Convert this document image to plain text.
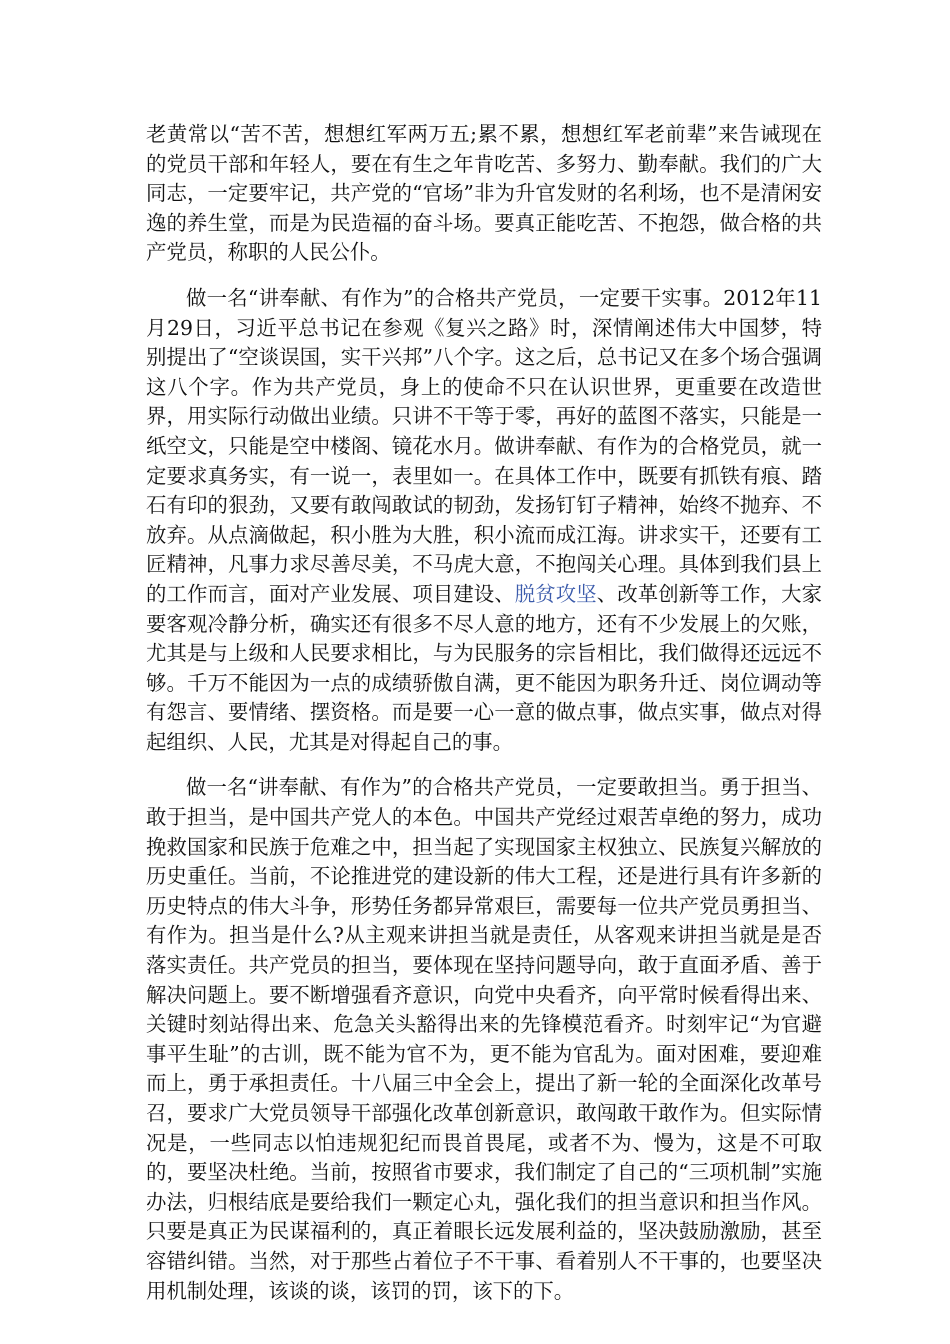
老黄常以“苦不苦，想想红军两万五;累不累，想想红军老前辈”来告诫现在的党员干部和年轻人，要在有生之年肯吃苦、多努力、勤奉献。我们的广大同志，一定要牢记，共产党的“官场”非为升官发财的名利场，也不是清闲安逸的养生堂，而是为民造福的奋斗场。要真正能吃苦、不抱怨，做合格的共产党员，称职的人民公仆。

做一名“讲奉献、有作为”的合格共产党员，一定要干实事。2012年11月29日，习近平总书记在参观《复兴之路》时，深情阐述伟大中国梦，特别提出了“空谈误国，实干兴邦”八个字。这之后，总书记又在多个场合强调这八个字。作为共产党员，身上的使命不只在认识世界，更重要在改造世界，用实际行动做出业绩。只讲不干等于零，再好的蓝图不落实，只能是一纸空文，只能是空中楼阁、镜花水月。做讲奉献、有作为的合格党员，就一定要求真务实，有一说一，表里如一。在具体工作中，既要有抓铁有痕、踏石有印的狠劲，又要有敢闯敢试的韧劲，发扬钉钉子精神，始终不抛弃、不放弃。从点滴做起，积小胜为大胜，积小流而成江海。讲求实干，还要有工匠精神，凡事力求尽善尽美，不马虎大意，不抱闯关心理。具体到我们县上的工作而言，面对产业发展、项目建设、脱贫攻坚、改革创新等工作，大家要客观冷静分析，确实还有很多不尽人意的地方，还有不少发展上的欠账，尤其是与上级和人民要求相比，与为民服务的宗旨相比，我们做得还远远不够。千万不能因为一点的成绩骄傲自满，更不能因为职务升迁、岗位调动等有怨言、要情绪、摆资格。而是要一心一意的做点事，做点实事，做点对得起组织、人民，尤其是对得起自己的事。

做一名“讲奉献、有作为”的合格共产党员，一定要敢担当。勇于担当、敢于担当，是中国共产党人的本色。中国共产党经过艰苦卓绝的努力，成功挽救国家和民族于危难之中，担当起了实现国家主权独立、民族复兴解放的历史重任。当前，不论推进党的建设新的伟大工程，还是进行具有许多新的历史特点的伟大斗争，形势任务都异常艰巨，需要每一位共产党员勇担当、有作为。担当是什么?从主观来讲担当就是责任，从客观来讲担当就是是否落实责任。共产党员的担当，要体现在坚持问题导向，敢于直面矛盾、善于解决问题上。要不断增强看齐意识，向党中央看齐，向平常时候看得出来、关键时刻站得出来、危急关头豁得出来的先锋模范看齐。时刻牢记“为官避事平生耻”的古训，既不能为官不为，更不能为官乱为。面对困难，要迎难而上，勇于承担责任。十八届三中全会上，提出了新一轮的全面深化改革号召，要求广大党员领导干部强化改革创新意识，敢闯敢干敢作为。但实际情况是，一些同志以怕违规犯纪而畏首畏尾，或者不为、慢为，这是不可取的，要坚决杜绝。当前，按照省市要求，我们制定了自己的“三项机制”实施办法，归根结底是要给我们一颗定心丸，强化我们的担当意识和担当作风。只要是真正为民谋福利的，真正着眼长远发展利益的，坚决鼓励激励，甚至容错纠错。当然，对于那些占着位子不干事、看着别人不干事的，也要坚决用机制处理，该谈的谈，该罚的罚，该下的下。
